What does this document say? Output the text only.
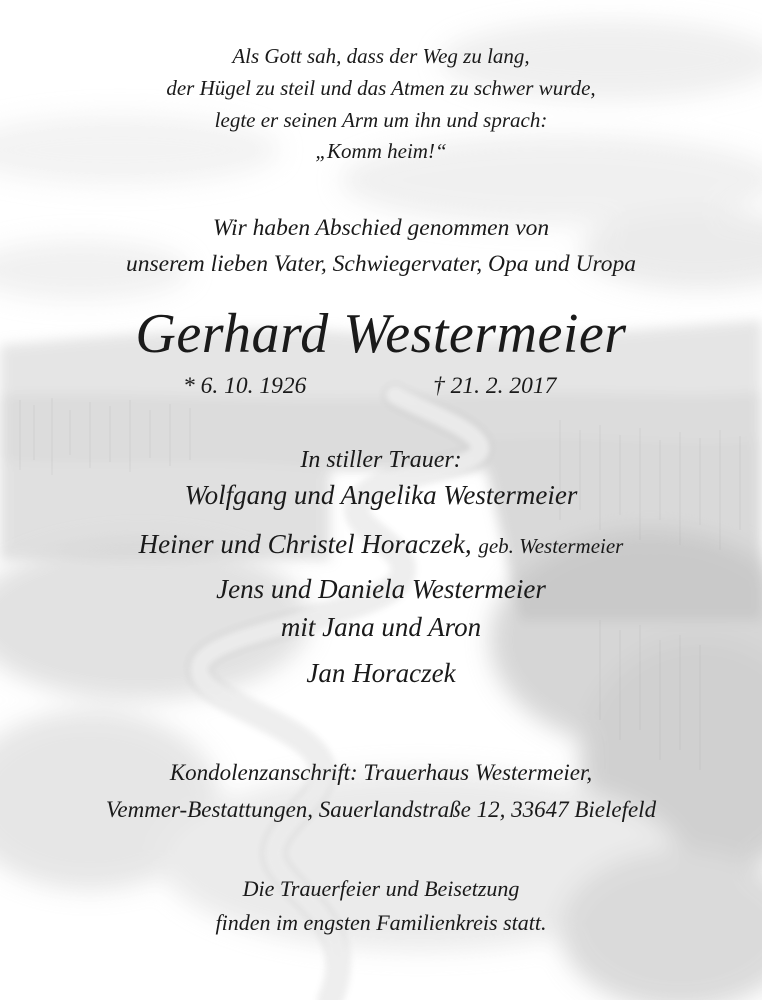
Als Gott sah, dass der Weg zu lang,
der Hügel zu steil und das Atmen zu schwer wurde,
legte er seinen Arm um ihn und sprach:
„Komm heim!“
Wir haben Abschied genommen von
unserem lieben Vater, Schwiegervater, Opa und Uropa
Gerhard Westermeier
* 6. 10. 1926	† 21. 2. 2017
In stiller Trauer:
Wolfgang und Angelika Westermeier
Heiner und Christel Horaczek, geb. Westermeier
Jens und Daniela Westermeier
mit Jana und Aron
Jan Horaczek
Kondolenzanschrift: Trauerhaus Westermeier,
Vemmer-Bestattungen, Sauerlandstraße 12, 33647 Bielefeld
Die Trauerfeier und Beisetzung
finden im engsten Familienkreis statt.
